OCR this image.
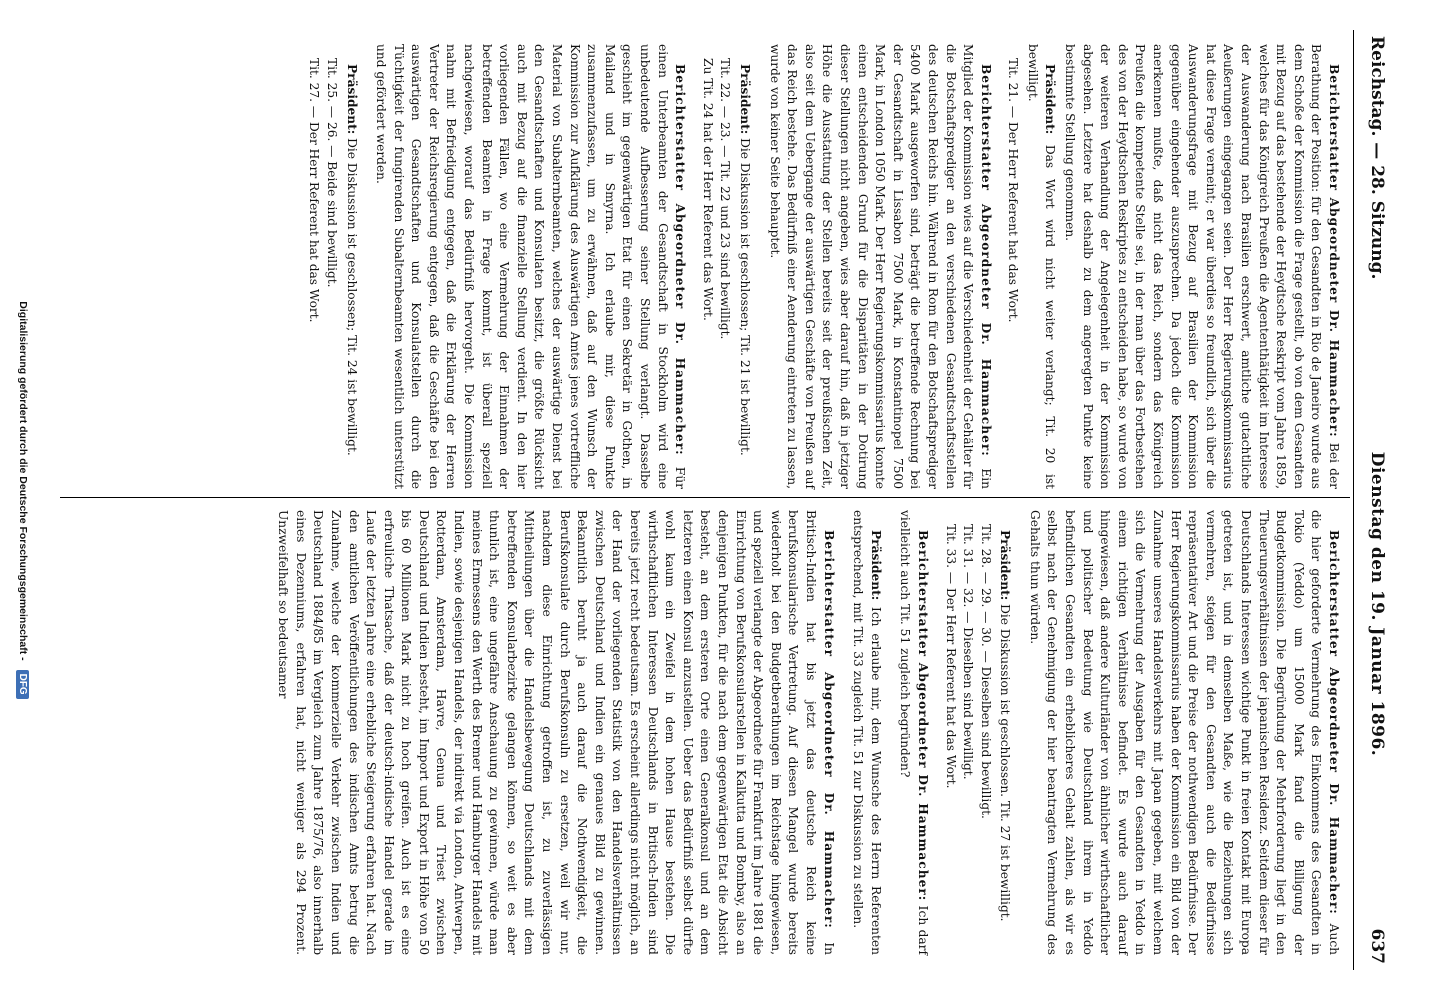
Reichstag. — 28. Sitzung.
Dienstag den 19. Januar 1896.
637

Berichterstatter Abgeordneter Dr. Hammacher: Bei der Berathung der Position: für den Gesandten in Rio de Janeiro wurde aus dem Schoße der Kommission die Frage gestellt, ob von dem Gesandten mit Bezug auf das bestehende der Heydtsche Reskript vom Jahre 1859, welches für das Königreich Preußen die Agententhätigkeit im Interesse der Auswanderung nach Brasilien erschwert, amtliche gutachtliche Aeußerungen eingegangen seien. Der Herr Regierungskommissarius hat diese Frage verneint; er war überdies so freundlich, sich über die Auswanderungsfrage mit Bezug auf Brasilien der Kommission gegenüber eingehender auszusprechen. Da jedoch die Kommission anerkennen mußte, daß nicht das Reich, sondern das Königreich Preußen die kompetente Stelle sei, in der man über das Fortbestehen des von der Heydtschen Reskriptes zu entscheiden habe, so wurde von der weiteren Verhandlung der Angelegenheit in der Kommission abgesehen. Letztere hat deshalb zu dem angeregten Punkte keine bestimmte Stellung genommen.

Präsident: Das Wort wird nicht weiter verlangt; Tit. 20 ist bewilligt.

Tit. 21. — Der Herr Referent hat das Wort.

Berichterstatter Abgeordneter Dr. Hammacher: Ein Mitglied der Kommission wies auf die Verschiedenheit der Gehälter für die Botschaftsprediger an den verschiedenen Gesandtschaftsstellen des deutschen Reichs hin. Während in Rom für den Botschaftsprediger 5400 Mark ausgeworfen sind, beträgt die betreffende Rechnung bei der Gesandtschaft in Lissabon 7500 Mark, in Konstantinopel 7500 Mark, in London 1050 Mark. Der Herr Regierungskommissarius konnte einen entscheidenden Grund für die Disparitäten in der Dotirung dieser Stellungen nicht angeben, wies aber darauf hin, daß in jetziger Höhe die Ausstattung der Stellen bereits seit der preußischen Zeit, also seit dem Uebergange der auswärtigen Geschäfte von Preußen auf das Reich bestehe. Das Bedürfniß einer Aenderung eintreten zu lassen, wurde von keiner Seite behauptet.

Präsident: Die Diskussion ist geschlossen; Tit. 21 ist bewilligt.

Tit. 22. — 23. — Tit. 22 und 23 sind bewilligt.

Zu Tit. 24 hat der Herr Referent das Wort.

Berichterstatter Abgeordneter Dr. Hammacher: Für einen Unterbeamten der Gesandtschaft in Stockholm wird eine unbedeutende Aufbesserung seiner Stellung verlangt. Dasselbe geschieht im gegenwärtigen Etat für einen Sekretär in Gothen, in Mailand und in Smyrna. Ich erlaube mir, diese Punkte zusammenzufassen, um zu erwähnen, daß auf den Wunsch der Kommission zur Aufklärung des Auswärtigen Amtes jenes vortreffliche Material von Subalternbeamten, welches der auswärtige Dienst bei den Gesandtschaften und Konsulaten besitzt, die größte Rücksicht auch mit Bezug auf die finanzielle Stellung verdient. In den hier vorliegenden Fällen, wo eine Vermehrung der Einnahmen der betreffenden Beamten in Frage kommt, ist überall speziell nachgewiesen, worauf das Bedürfniß hervorgeht. Die Kommission nahm mit Befriedigung entgegen, daß die Erklärung der Herren Vertreter der Reichsregierung entgegen, daß die Geschäfte bei den auswärtigen Gesandtschaften und Konsulatstellen durch die Tüchtigkeit der fungirenden Subalternbeamten wesentlich unterstützt und gefördert werden.

Präsident: Die Diskussion ist geschlossen; Tit. 24 ist bewilligt.

Tit. 25. — 26. — Beide sind bewilligt.

Tit. 27. — Der Herr Referent hat das Wort.

Berichterstatter Abgeordneter Dr. Hammacher: Auch die hier geforderte Vermehrung des Einkommens des Gesandten in Tokio (Yeddo) um 15000 Mark fand die Billigung der Budgetkommission. Die Begründung der Mehrforderung liegt in den Theuerungsverhältnissen der japanischen Residenz. Seitdem dieser für Deutschlands Interessen wichtige Punkt in freien Kontakt mit Europa getreten ist, und in demselben Maße, wie die Beziehungen sich vermehren, steigen für den Gesandten auch die Bedürfnisse repräsentativer Art und die Preise der nothwendigen Bedürfnisse. Der Herr Regierungskommissarius haben der Kommission ein Bild von der Zunahme unseres Handelsverkehrs mit Japan gegeben, mit welchem sich die Vermehrung der Ausgaben für den Gesandten in Yeddo in einem richtigen Verhältnisse befindet. Es wurde auch darauf hingewiesen, daß andere Kulturländer von ähnlicher wirthschaftlicher und politischer Bedeutung wie Deutschland ihrem in Yeddo befindlichen Gesandten ein erheblicheres Gehalt zahlen, als wir es selbst nach der Genehmigung der hier beantragten Vermehrung des Gehalts thun würden.

Präsident: Die Diskussion ist geschlossen. Tit. 27 ist bewilligt.

Tit. 28. — 29. — 30. — Dieselben sind bewilligt.

Tit. 31. — 32. — Dieselben sind bewilligt.

Tit. 33. — Der Herr Referent hat das Wort.

Berichterstatter Abgeordneter Dr. Hammacher: Ich darf vielleicht auch Tit. 51 zugleich begründen?

Präsident: Ich erlaube mir, dem Wunsche des Herrn Referenten entsprechend, mit Tit. 33 zugleich Tit. 51 zur Diskussion zu stellen.

Berichterstatter Abgeordneter Dr. Hammacher: In Britisch-Indien hat bis jetzt das deutsche Reich keine berufskonsularische Vertretung. Auf diesen Mangel wurde bereits wiederholt bei den Budgetberathungen im Reichstage hingewiesen, und speziell verlangte der Abgeordnete für Frankfurt im Jahre 1881 die Einrichtung von Berufskonsularstellen in Kalkutta und Bombay, also an denjenigen Punkten, für die nach dem gegenwärtigen Etat die Absicht besteht, an dem ersteren Orte einen Generalkonsul und an dem letzteren einen Konsul anzustellen. Ueber das Bedürfniß selbst dürfte wohl kaum ein Zweifel in dem hohen Hause bestehen. Die wirthschaftlichen Interessen Deutschlands in Britisch-Indien sind bereits jetzt recht bedeutsam. Es erscheint allerdings nicht möglich, an der Hand der vorliegenden Statistik von den Handelsverhältnissen zwischen Deutschland und Indien ein genaues Bild zu gewinnen. Bekanntlich beruht ja auch darauf die Nothwendigkeit, die Berufskonsulate durch Berufskonsuln zu ersetzen, weil wir nur, nachdem diese Einrichtung getroffen ist, zu zuverlässigen Mittheilungen über die Handelsbewegung Deutschlands mit dem betreffenden Konsularbezirke gelangen können, so weit es aber thunlich ist, eine ungefähre Anschauung zu gewinnen, würde man meines Ermessens den Werth des Bremer und Hamburger Handels mit Indien, sowie desjenigen Handels, der indirekt via London, Antwerpen, Rotterdam, Amsterdam, Havre, Genua und Triest zwischen Deutschland und Indien besteht, im Import und Export in Höhe von 50 bis 60 Millionen Mark nicht zu hoch greifen. Auch ist es eine erfreuliche Thatsache, daß der deutsch-indische Handel gerade im Laufe der letzten Jahre eine erhebliche Steigerung erfahren hat. Nach den amtlichen Veröffentlichungen des indischen Amts betrug die Zunahme, welche der kommerzielle Verkehr zwischen Indien und Deutschland 1884/85 im Vergleich zum Jahre 1875/76, also innerhalb eines Dezenniums, erfahren hat, nicht weniger als 294 Prozent. Unzweifelhaft so bedeutsamer

Digitalisierung gefördert durch die Deutsche Forschungsgemeinschaft - DFG
